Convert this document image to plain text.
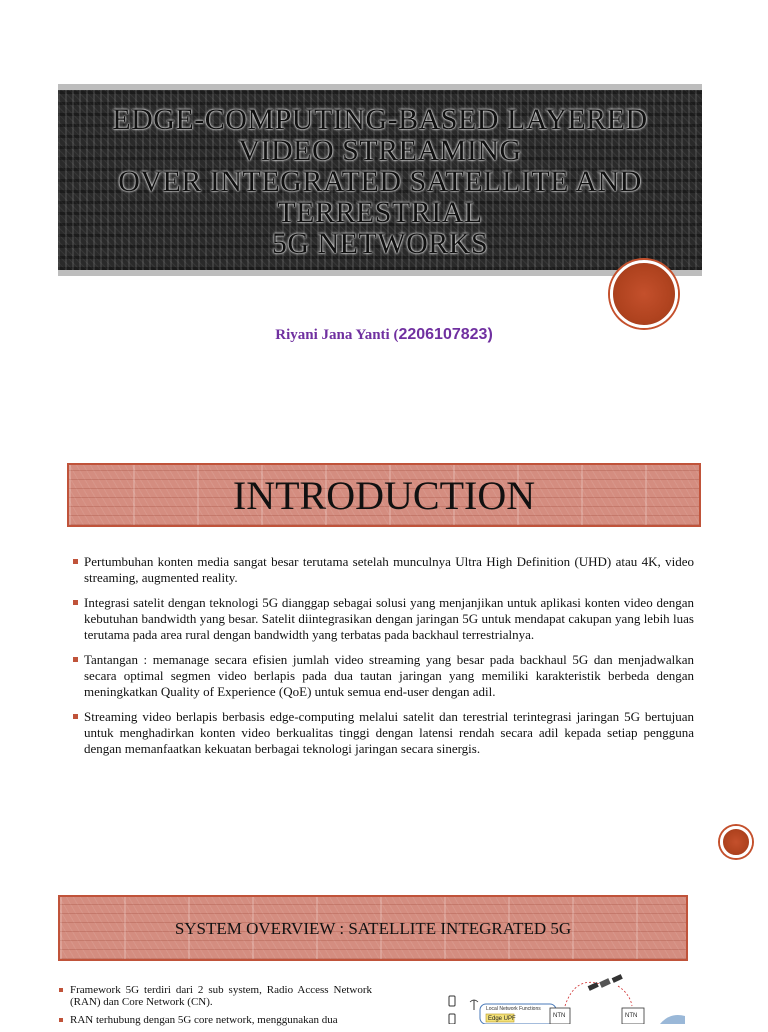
EDGE-COMPUTING-BASED LAYERED
VIDEO STREAMING
OVER INTEGRATED SATELLITE AND
TERRESTRIAL
5G NETWORKS
Riyani Jana Yanti (2206107823)
INTRODUCTION
Pertumbuhan konten media sangat besar terutama setelah munculnya Ultra High Definition (UHD) atau 4K, video streaming, augmented reality.
Integrasi satelit dengan teknologi 5G dianggap sebagai solusi yang menjanjikan untuk aplikasi konten video dengan kebutuhan bandwidth yang besar. Satelit diintegrasikan dengan jaringan 5G untuk mendapat cakupan yang lebih luas terutama pada area rural dengan bandwidth yang terbatas pada backhaul terrestrialnya.
Tantangan : memanage secara efisien jumlah video streaming yang besar pada backhaul 5G dan menjadwalkan secara optimal segmen video berlapis pada dua tautan jaringan yang memiliki karakteristik berbeda dengan meningkatkan Quality of Experience (QoE) untuk semua end-user dengan adil.
Streaming video berlapis berbasis edge-computing melalui satelit dan terestrial terintegrasi jaringan 5G bertujuan untuk menghadirkan konten video berkualitas tinggi dengan latensi rendah secara adil kepada setiap pengguna dengan memanfaatkan kekuatan berbagai teknologi jaringan secara sinergis.
SYSTEM OVERVIEW : SATELLITE INTEGRATED 5G
Framework 5G terdiri dari 2 sub system, Radio Access Network (RAN) dan Core Network (CN).
RAN terhubung dengan 5G core network, menggunakan dua
Local Network Functions
Edge UPF	NTN	NTN
